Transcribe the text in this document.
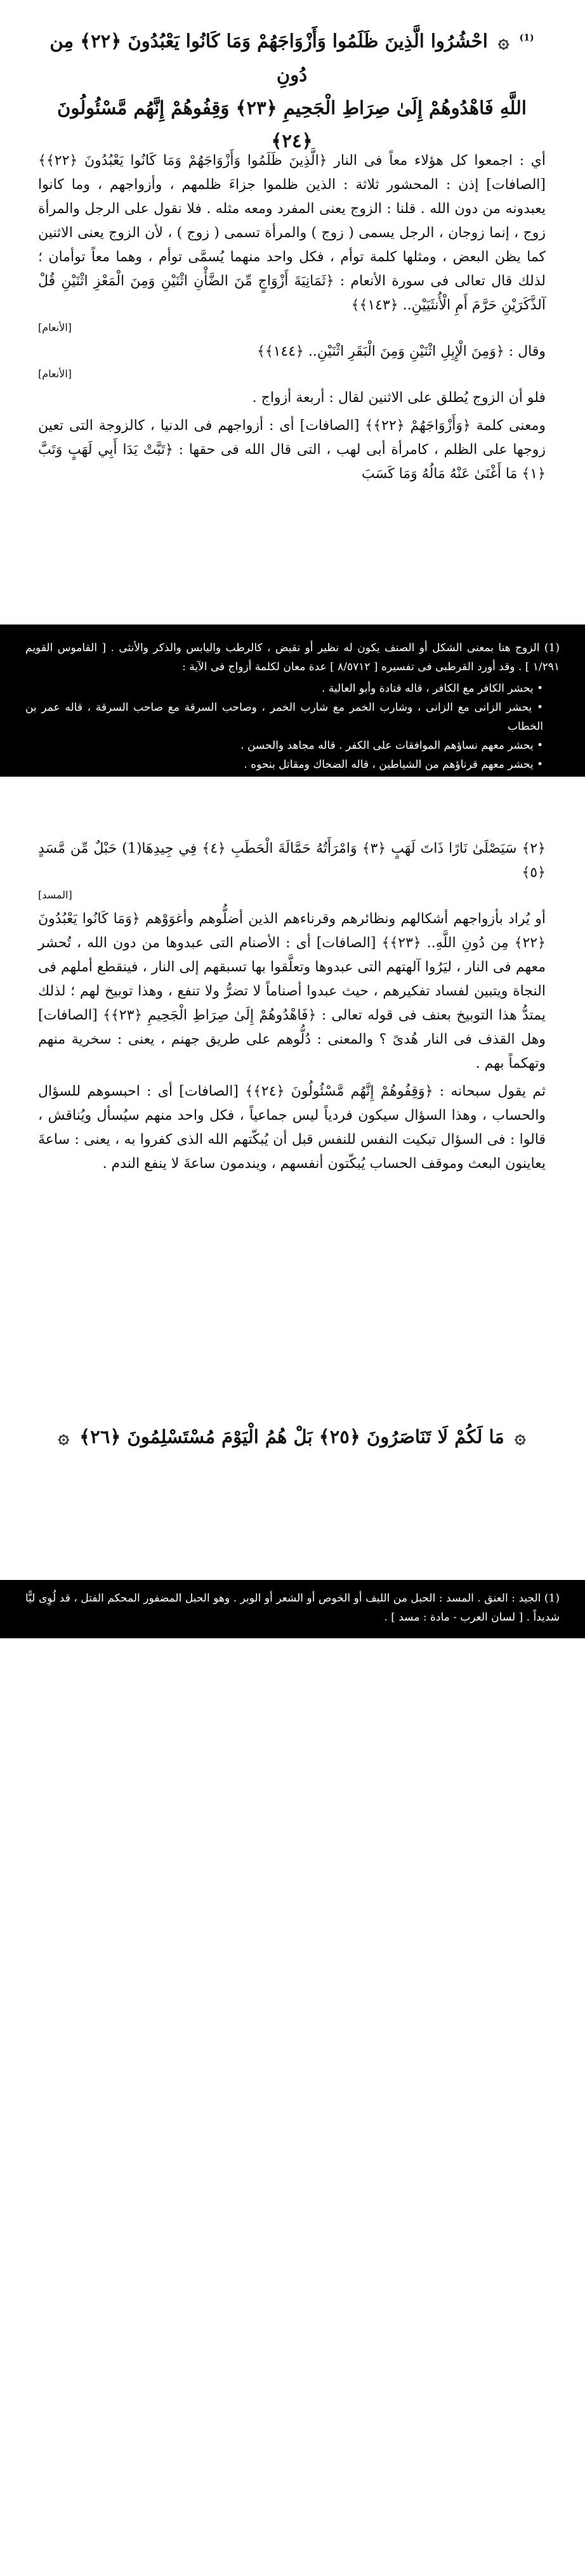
$^{(1)}$ ۞ احْشُرُوا الَّذِينَ ظَلَمُوا وَأَزْوَاجَهُمْ وَمَا كَانُوا يَعْبُدُونَ ﴿٢٢﴾ مِن دُونِ
اللَّهِ فَاهْدُوهُمْ إِلَىٰ صِرَاطِ الْجَحِيمِ ﴿٢٣﴾ وَقِفُوهُمْ إِنَّهُم مَّسْئُولُونَ ﴿٢٤﴾

أي : اجمعوا كل هؤلاء معاً فى النار ﴿الَّذِينَ ظَلَمُوا وَأَزْوَاجَهُمْ وَمَا كَانُوا يَعْبُدُونَ ﴿٢٢﴾﴾ [الصافات] إذن : المحشور ثلاثة : الذين ظلموا جزاءَ ظلمهم ، وأزواجهم ، وما كانوا يعبدونه من دون الله . قلنا : الزوج يعنى المفرد ومعه مثله . فلا نقول على الرجل والمرأة زوج ، إنما زوجان ، الرجل يسمى ( زوج ) والمرأة تسمى ( زوج ) ، لأن الزوج يعنى الاثنين كما يظن البعض ، ومثلها كلمة توأم ، فكل واحد منهما يُسمَّى توأم ، وهما معاً توأمان ؛ لذلك قال تعالى فى سورة الأنعام : ﴿ثَمَانِيَةَ أَزْوَاجٍ مِّنَ الضَّأْنِ اثْنَيْنِ وَمِنَ الْمَعْزِ اثْنَيْنِ قُلْ آلذَّكَرَيْنِ حَرَّمَ أَمِ الْأُنثَيَيْنِ.. ﴿١٤٣﴾﴾

[الأنعام]

وقال : ﴿وَمِنَ الْإِبِلِ اثْنَيْنِ وَمِنَ الْبَقَرِ اثْنَيْنِ.. ﴿١٤٤﴾﴾

[الأنعام]

فلو أن الزوج يُطلق على الاثنين لقال : أربعة أزواج .

ومعنى كلمة ﴿وَأَزْوَاجَهُمْ ﴿٢٢﴾﴾ [الصافات] أى : أزواجهم فى الدنيا ، كالزوجة التى تعين زوجها على الظلم ، كامرأة أبى لهب ، التى قال الله فى حقها : ﴿تَبَّتْ يَدَا أَبِي لَهَبٍ وَتَبَّ ﴿١﴾ مَا أَغْنَىٰ عَنْهُ مَالُهُ وَمَا كَسَبَ

(1) الزوج هنا بمعنى الشكل أو الصنف يكون له نظير أو نقيض ، كالرطب واليابس والذكر والأنثى . [ القاموس القويم ١/٢٩١ ] . وقد أورد القرطبى فى تفسيره [ ٨/٥٧١٢ ] عدة معان لكلمة أزواج فى الآية :

• يحشر الكافر مع الكافر ، قاله قتادة وأبو العالية .
• يحشر الزانى مع الزانى ، وشارب الخمر مع شارب الخمر ، وصاحب السرقة مع صاحب السرقة ، قاله عمر بن الخطاب
• يحشر معهم نساؤهم الموافقات على الكفر . قاله مجاهد والحسن .
• يحشر معهم قرناؤهم من الشياطين ، قاله الضحاك ومقاتل بنحوه .

وخلاصة القول فى معنى ﴿ وَأَزْوَاجَهُمْ ﴾ : أشباههم وأمثالهم .

﴿٢﴾ سَيَصْلَىٰ نَارًا ذَاتَ لَهَبٍ ﴿٣﴾ وَامْرَأَتُهُ حَمَّالَةَ الْحَطَبِ ﴿٤﴾ فِي جِيدِهَا(1) حَبْلٌ مِّن مَّسَدٍ ﴿٥﴾

[المسد]

أو يُراد بأزواجهم أشكالهم ونظائرهم وقرناءهم الذين أضلُّوهم وأغوَوْهم ﴿وَمَا كَانُوا يَعْبُدُونَ ﴿٢٢﴾ مِن دُونِ اللَّهِ.. ﴿٢٣﴾﴾ [الصافات] أى : الأصنام التى عبدوها من دون الله ، تُحشر معهم فى النار ، ليَرُوا آلهتهم التى عبدوها وتعلَّقوا بها تسبقهم إلى النار ، فينقطع أملهم فى النجاة ويتبين لفساد تفكيرهم ، حيث عبدوا أصناماً لا تضرُّ ولا تنفع ، وهذا توبيخ لهم ؛ لذلك يمتدُّ هذا التوبيخ بعنف فى قوله تعالى : ﴿فَاهْدُوهُمْ إِلَىٰ صِرَاطِ الْجَحِيمِ ﴿٢٣﴾﴾ [الصافات] وهل القذف فى النار هُدىً ؟ والمعنى : دُلُّوهم على طريق جهنم ، يعنى : سخرية منهم وتهكماً بهم .

ثم يقول سبحانه : ﴿وَقِفُوهُمْ إِنَّهُم مَّسْئُولُونَ ﴿٢٤﴾﴾ [الصافات] أى : احبسوهم للسؤال والحساب ، وهذا السؤال سيكون فردياً ليس جماعياً ، فكل واحد منهم سيُسأل ويُناقش ، قالوا : فى السؤال تبكيت النفس للنفس قبل أن يُبكّتهم الله الذى كفروا به ، يعنى : ساعةَ يعاينون البعث وموقف الحساب يُبكّتون أنفسهم ، ويندمون ساعةَ لا ينفع الندم .

۞ مَا لَكُمْ لَا تَنَاصَرُونَ ﴿٢٥﴾ بَلْ هُمُ الْيَوْمَ مُسْتَسْلِمُونَ ﴿٢٦﴾ ۞

(1) الجيد : العنق . المسد : الحبل من الليف أو الخوص أو الشعر أو الوبر . وهو الحبل المضفور المحكم الفتل ، قد لُوِى ليًّا شديداً . [ لسان العرب - مادة : مسد ] .
